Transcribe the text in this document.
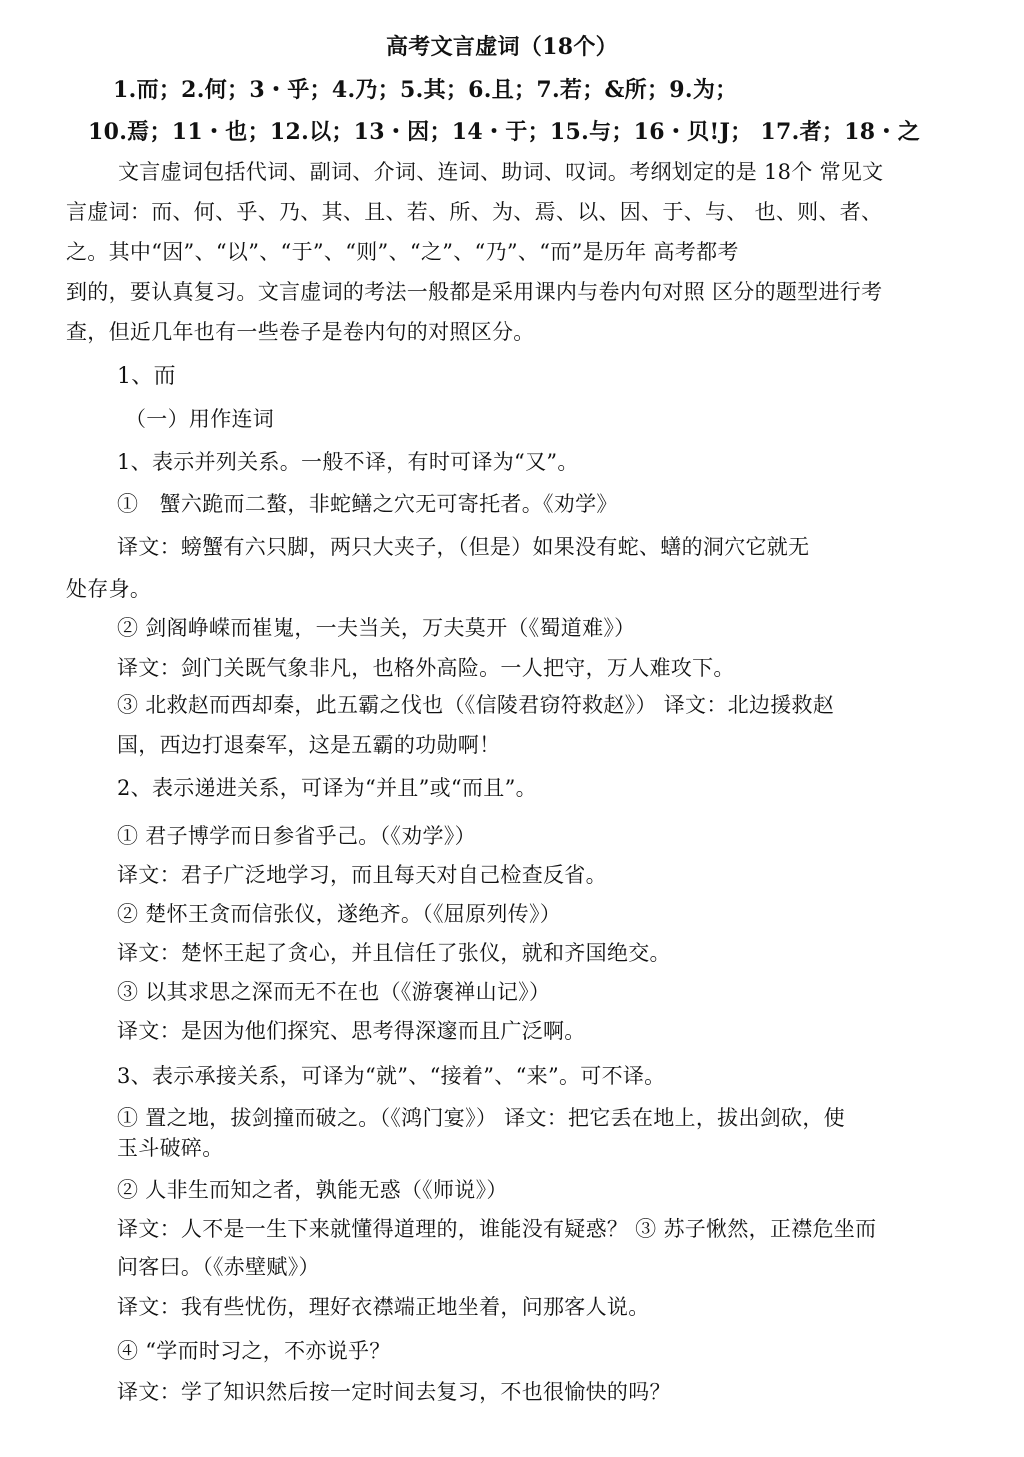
高考文言虚词（18个）
1.而；2.何；3・乎；4.乃；5.其；6.且；7.若；&所；9.为；
10.焉；11・也；12.以；13・因；14・于；15.与；16・贝!J； 17.者；18・之
文言虚词包括代词、副词、介词、连词、助词、叹词。考纲划定的是 18个 常见文
言虚词：而、何、乎、乃、其、且、若、所、为、焉、以、因、于、与、 也、则、者、
之。其中“因”、“以”、“于”、“则”、“之”、“乃”、“而”是历年 高考都考
到的，要认真复习。文言虚词的考法一般都是采用课内与卷内句对照 区分的题型进行考
查，但近几年也有一些卷子是卷内句的对照区分。
1、而
（一）用作连词
1、表示并列关系。一般不译，有时可译为“又”。
①　蟹六跪而二螯，非蛇鳝之穴无可寄托者。《劝学》
译文：螃蟹有六只脚，两只大夹子，（但是）如果没有蛇、蟮的洞穴它就无
处存身。
② 剑阁峥嵘而崔嵬，一夫当关，万夫莫开（《蜀道难》）
译文：剑门关既气象非凡，也格外高险。一人把守，万人难攻下。
③ 北救赵而西却秦，此五霸之伐也（《信陵君窃符救赵》） 译文：北边援救赵
国，西边打退秦军，这是五霸的功勋啊！
2、表示递进关系，可译为“并且”或“而且”。
① 君子博学而日参省乎己。（《劝学》）
译文：君子广泛地学习，而且每天对自己检查反省。
② 楚怀王贪而信张仪，遂绝齐。（《屈原列传》）
译文：楚怀王起了贪心，并且信任了张仪，就和齐国绝交。
③ 以其求思之深而无不在也（《游褒禅山记》）
译文：是因为他们探究、思考得深邃而且广泛啊。
3、表示承接关系，可译为“就”、“接着”、“来”。可不译。
① 置之地，拔剑撞而破之。（《鸿门宴》） 译文：把它丢在地上，拔出剑砍，使
玉斗破碎。
② 人非生而知之者，孰能无惑（《师说》）
译文：人不是一生下来就懂得道理的，谁能没有疑惑？ ③ 苏子愀然，正襟危坐而
问客曰。（《赤壁赋》）
译文：我有些忧伤，理好衣襟端正地坐着，问那客人说。
④ “学而时习之，不亦说乎？
译文：学了知识然后按一定时间去复习，不也很愉快的吗？
